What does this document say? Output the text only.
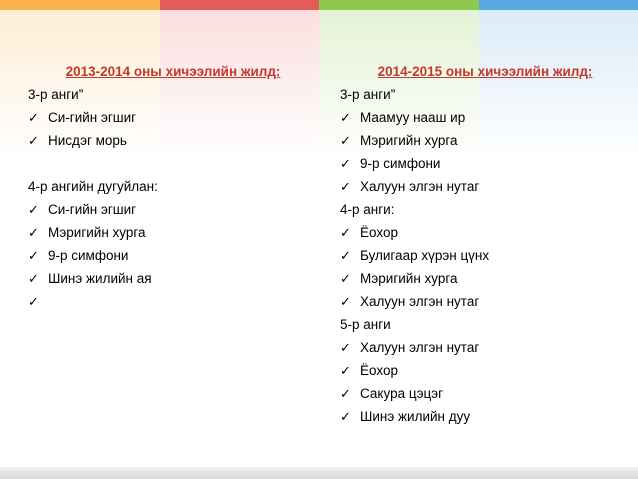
2013-2014 оны хичээлийн жилд:
3-р анги”
✓ Си-гийн эгшиг
✓ Нисдэг морь
4-р ангийн дугуйлан:
✓ Си-гийн эгшиг
✓ Мэригийн хурга
✓ 9-р симфони
✓ Шинэ жилийн ая
✓
2014-2015 оны хичээлийн жилд:
3-р анги”
✓ Маамуу нааш ир
✓ Мэригийн хурга
✓ 9-р симфони
✓ Халуун элгэн нутаг
4-р анги:
✓ Ёохор
✓ Булигаар хүрэн цүнх
✓ Мэригийн хурга
✓ Халуун элгэн нутаг
5-р анги
✓ Халуун элгэн нутаг
✓ Ёохор
✓ Сакура цэцэг
✓ Шинэ жилийн дуу
